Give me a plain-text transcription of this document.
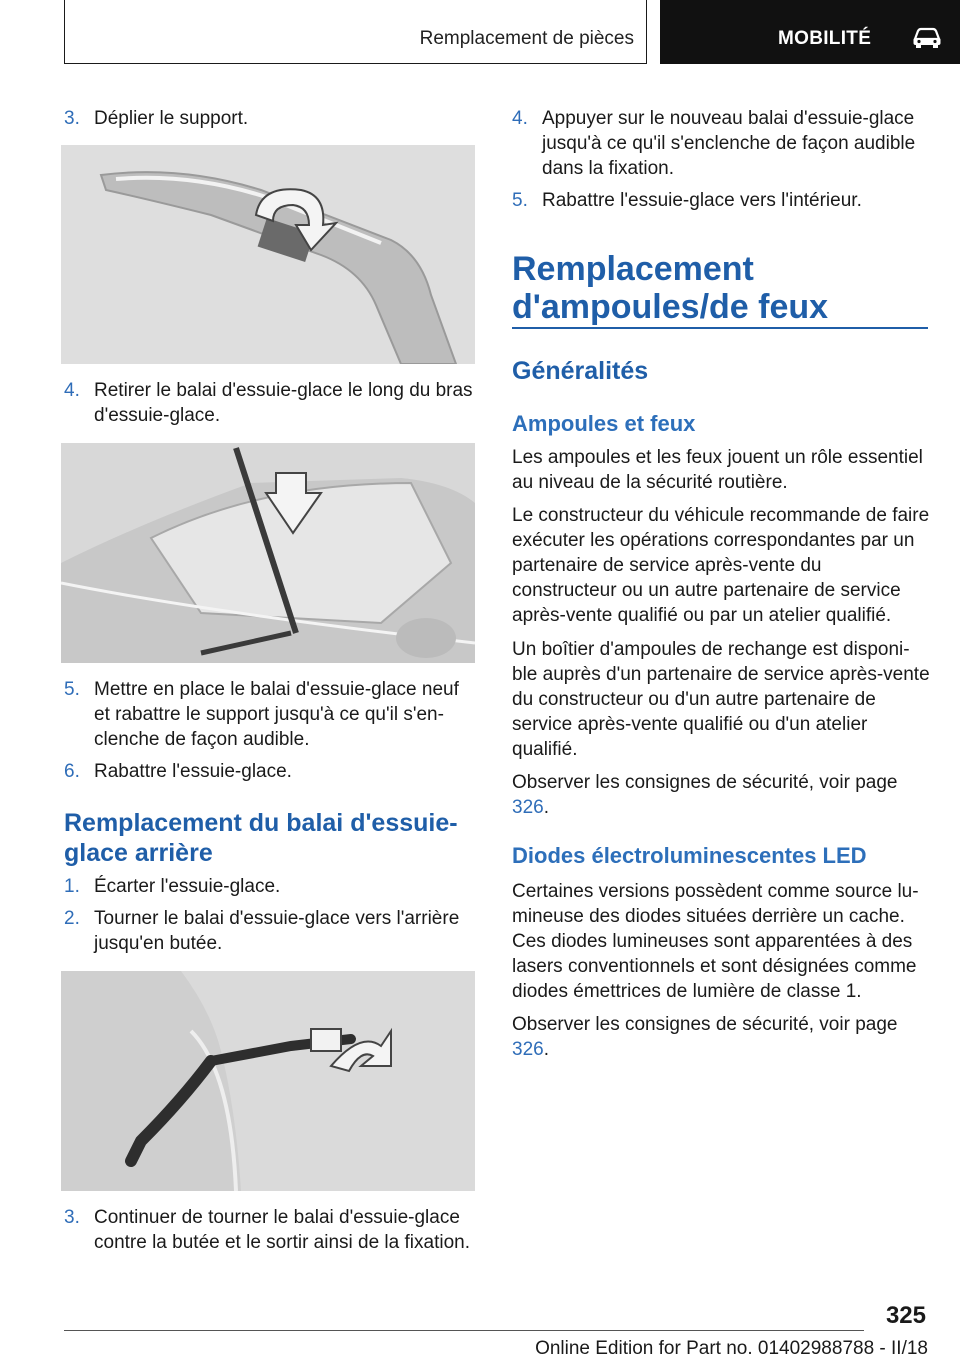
Remplacement de pièces	MOBILITÉ
3. Déplier le support.
4. Retirer le balai d'essuie-glace le long du bras d'essuie-glace.
5. Mettre en place le balai d'essuie-glace neuf et rabattre le support jusqu'à ce qu'il s'en-clenche de façon audible.
6. Rabattre l'essuie-glace.
Remplacement du balai d'essuie-glace arrière
1. Écarter l'essuie-glace.
2. Tourner le balai d'essuie-glace vers l'arrière jusqu'en butée.
3. Continuer de tourner le balai d'essuie-glace contre la butée et le sortir ainsi de la fixation.
4. Appuyer sur le nouveau balai d'essuie-glace jusqu'à ce qu'il s'enclenche de façon audible dans la fixation.
5. Rabattre l'essuie-glace vers l'intérieur.
Remplacement
d'ampoules/de feux
Généralités
Ampoules et feux
Les ampoules et les feux jouent un rôle essentiel au niveau de la sécurité routière.
Le constructeur du véhicule recommande de faire exécuter les opérations correspondantes par un partenaire de service après-vente du constructeur ou un autre partenaire de service après-vente qualifié ou par un atelier qualifié.
Un boîtier d'ampoules de rechange est disponi-ble auprès d'un partenaire de service après-vente du constructeur ou d'un autre partenaire de service après-vente qualifié ou d'un atelier qualifié.
Observer les consignes de sécurité, voir page 326.
Diodes électroluminescentes LED
Certaines versions possèdent comme source lu-mineuse des diodes situées derrière un cache. Ces diodes lumineuses sont apparentées à des lasers conventionnels et sont désignées comme diodes émettrices de lumière de classe 1.
Observer les consignes de sécurité, voir page 326.
325
Online Edition for Part no. 01402988788 - II/18
